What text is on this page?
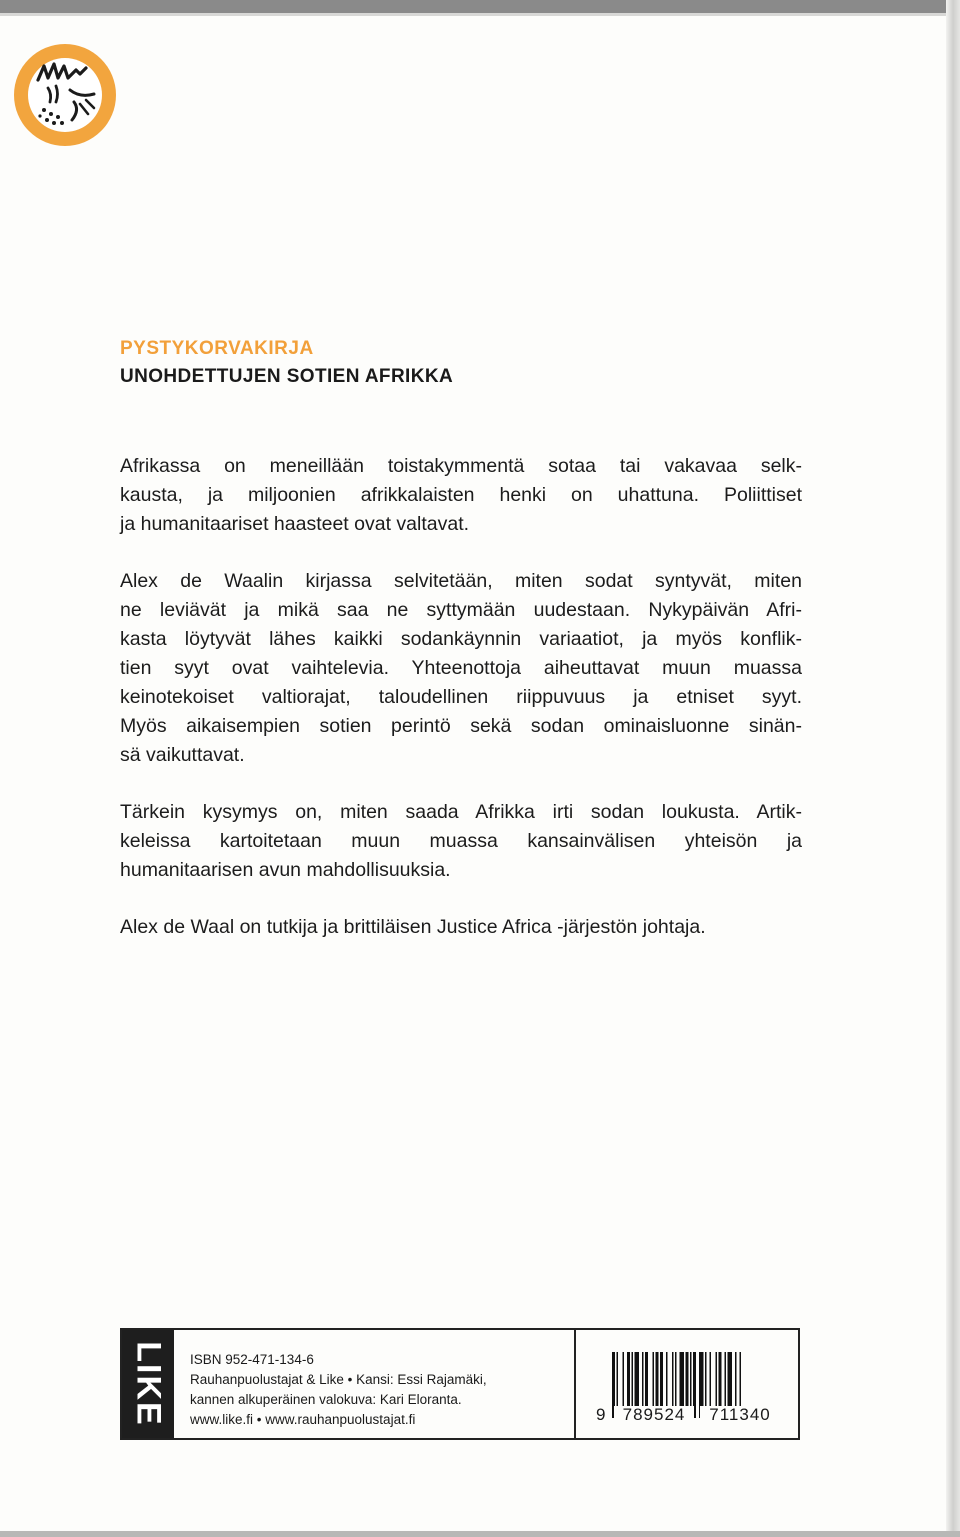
PYSTYKORVAKIRJA
UNOHDETTUJEN SOTIEN AFRIKKA

Afrikassa on meneillään toistakymmentä sotaa tai vakavaa selk-
kausta, ja miljoonien afrikkalaisten henki on uhattuna. Poliittiset
ja humanitaariset haasteet ovat valtavat.

Alex de Waalin kirjassa selvitetään, miten sodat syntyvät, miten
ne leviävät ja mikä saa ne syttymään uudestaan. Nykypäivän Afri-
kasta löytyvät lähes kaikki sodankäynnin variaatiot, ja myös konflik-
tien syyt ovat vaihtelevia. Yhteenottoja aiheuttavat muun muassa
keinotekoiset valtiorajat, taloudellinen riippuvuus ja etniset syyt.
Myös aikaisempien sotien perintö sekä sodan ominaisluonne sinän-
sä vaikuttavat.

Tärkein kysymys on, miten saada Afrikka irti sodan loukusta. Artik-
keleissa kartoitetaan muun muassa kansainvälisen yhteisön ja
humanitaarisen avun mahdollisuuksia.

Alex de Waal on tutkija ja brittiläisen Justice Africa -järjestön johtaja.

LIKE ISBN 952-471-134-6
Rauhanpuolustajat & Like • Kansi: Essi Rajamäki,
kannen alkuperäinen valokuva: Kari Eloranta.
www.like.fi • www.rauhanpuolustajat.fi	9 789524 711340
